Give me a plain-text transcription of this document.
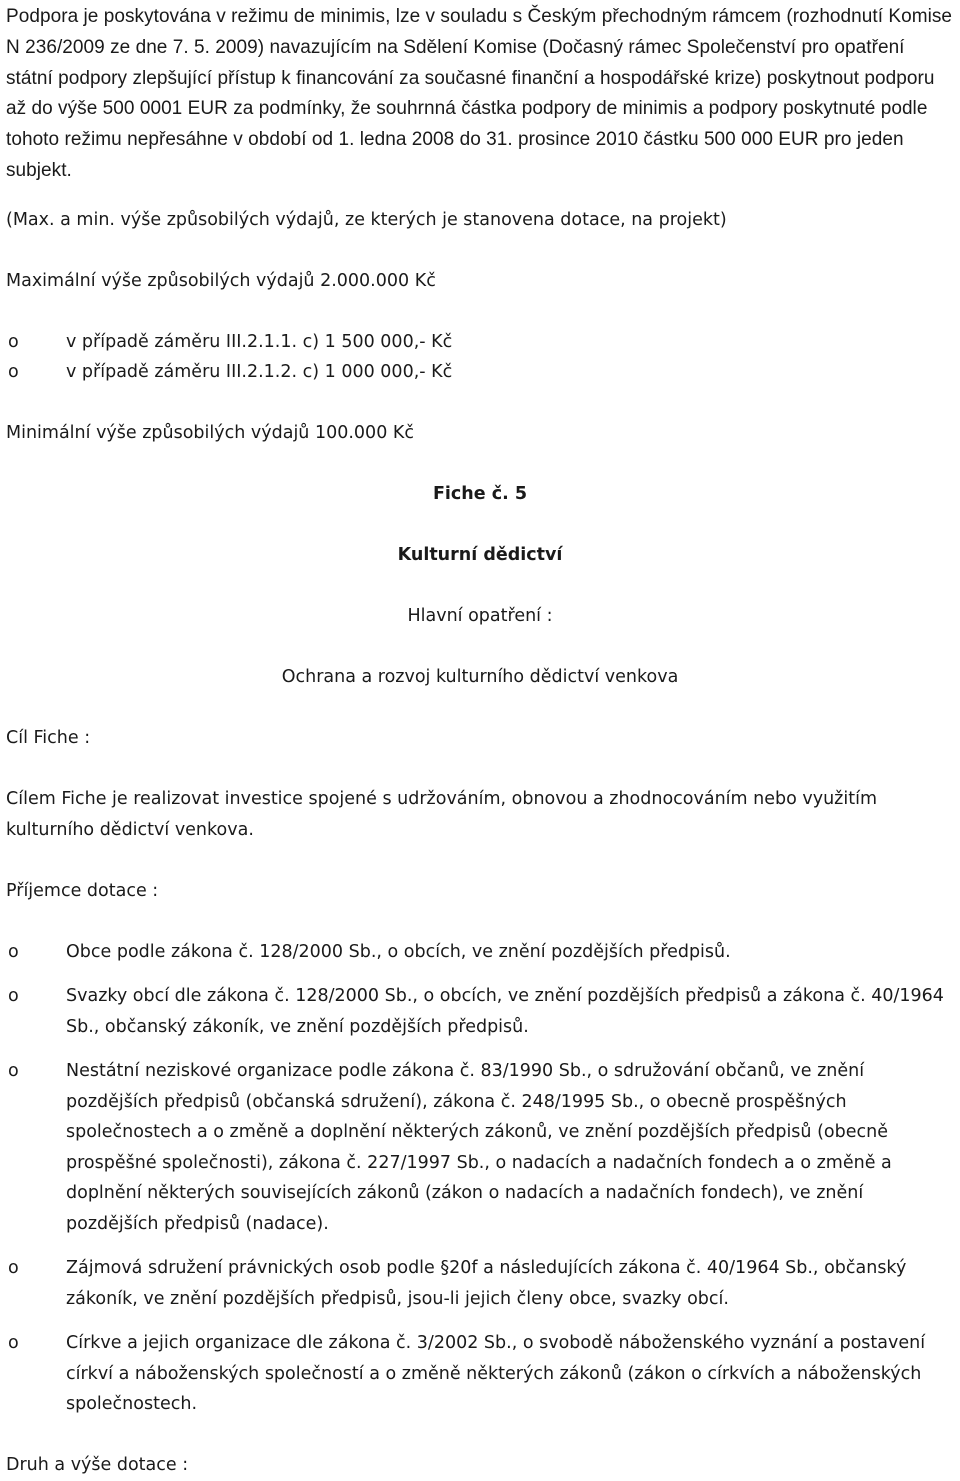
Podpora je poskytována v režimu de minimis, lze v souladu s Českým přechodným rámcem (rozhodnutí Komise N 236/2009 ze dne 7. 5. 2009) navazujícím na Sdělení Komise (Dočasný rámec Společenství pro opatření státní podpory zlepšující přístup k financování za současné finanční a hospodářské krize) poskytnout podporu až do výše 500 0001 EUR za podmínky, že souhrnná částka podpory de minimis a podpory poskytnuté podle tohoto režimu nepřesáhne v období od 1. ledna 2008 do 31. prosince 2010 částku 500 000 EUR pro jeden subjekt.

(Max. a min. výše způsobilých výdajů, ze kterých je stanovena dotace, na projekt)

Maximální výše způsobilých výdajů 2.000.000 Kč

o	v případě záměru III.2.1.1. c) 1 500 000,- Kč
o	v případě záměru III.2.1.2. c) 1 000 000,- Kč

Minimální výše způsobilých výdajů 100.000 Kč

Fiche č. 5

Kulturní dědictví

Hlavní opatření :

Ochrana a rozvoj kulturního dědictví venkova

Cíl Fiche :

Cílem Fiche je realizovat investice spojené s udržováním, obnovou a zhodnocováním nebo využitím kulturního dědictví venkova.

Příjemce dotace :

o	Obce podle zákona č. 128/2000 Sb., o obcích, ve znění pozdějších předpisů.
o	Svazky obcí dle zákona č. 128/2000 Sb., o obcích, ve znění pozdějších předpisů a zákona č. 40/1964 Sb., občanský zákoník, ve znění pozdějších předpisů.
o	Nestátní neziskové organizace podle zákona č. 83/1990 Sb., o sdružování občanů, ve znění pozdějších předpisů (občanská sdružení), zákona č. 248/1995 Sb., o obecně prospěšných společnostech a o změně a doplnění některých zákonů, ve znění pozdějších předpisů (obecně prospěšné společnosti), zákona č. 227/1997 Sb., o nadacích a nadačních fondech a o změně a doplnění některých souvisejících zákonů (zákon o nadacích a nadačních fondech), ve znění pozdějších předpisů (nadace).
o	Zájmová sdružení právnických osob podle §20f a následujících zákona č. 40/1964 Sb., občanský zákoník, ve znění pozdějších předpisů, jsou-li jejich členy obce, svazky obcí.
o	Církve a jejich organizace dle zákona č. 3/2002 Sb., o svobodě náboženského vyznání a postavení církví a náboženských společností a o změně některých zákonů (zákon o církvích a náboženských společnostech.

Druh a výše dotace :
